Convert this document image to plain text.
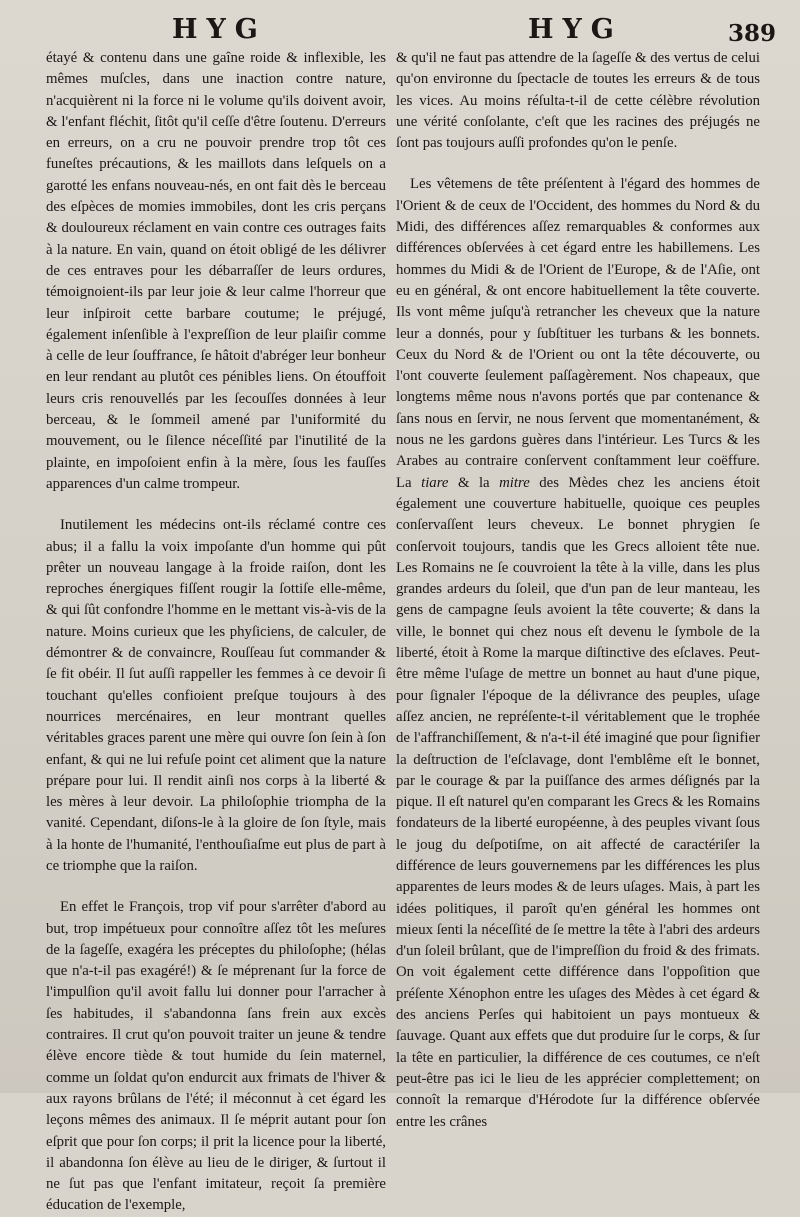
HYG	HYG	389

étayé & contenu dans une gaîne roide & inflexible, les mêmes muſcles, dans une inaction contre nature, n'acquièrent ni la force ni le volume qu'ils doivent avoir, & l'enfant fléchit, ſitôt qu'il ceſſe d'être ſoutenu. D'erreurs en erreurs, on a cru ne pouvoir prendre trop tôt ces funeſtes précautions, & les maillots dans leſquels on a garotté les enfans nouveau-nés, en ont fait dès le berceau des eſpèces de momies immobiles, dont les cris perçans & douloureux réclament en vain contre ces outrages faits à la nature. En vain, quand on étoit obligé de les délivrer de ces entraves pour les débarraſſer de leurs ordures, témoignoient-ils par leur joie & leur calme l'horreur que leur inſpiroit cette barbare coutume; le préjugé, également inſenſible à l'expreſſion de leur plaiſir comme à celle de leur ſouffrance, ſe hâtoit d'abréger leur bonheur en leur rendant au plutôt ces pénibles liens. On étouffoit leurs cris renouvellés par les ſecouſſes données à leur berceau, & le ſommeil amené par l'uniformité du mouvement, ou le ſilence néceſſité par l'inutilité de la plainte, en impoſoient enfin à la mère, ſous les fauſſes apparences d'un calme trompeur.

Inutilement les médecins ont-ils réclamé contre ces abus; il a fallu la voix impoſante d'un homme qui pût prêter un nouveau langage à la froide raiſon, dont les reproches énergiques fiſſent rougir la ſottiſe elle-même, & qui ſût confondre l'homme en le mettant vis-à-vis de la nature. Moins curieux que les phyſiciens, de calculer, de démontrer & de convaincre, Rouſſeau ſut commander & ſe fit obéir. Il ſut auſſi rappeller les femmes à ce devoir ſi touchant qu'elles confioient preſque toujours à des nourrices mercénaires, en leur montrant quelles véritables graces parent une mère qui ouvre ſon ſein à ſon enfant, & qui ne lui refuſe point cet aliment que la nature prépare pour lui. Il rendit ainſi nos corps à la liberté & les mères à leur devoir. La philoſophie triompha de la vanité. Cependant, diſons-le à la gloire de ſon ſtyle, mais à la honte de l'humanité, l'enthouſiaſme eut plus de part à ce triomphe que la raiſon.

En effet le François, trop vif pour s'arrêter d'abord au but, trop impétueux pour connoître aſſez tôt les meſures de la ſageſſe, exagéra les préceptes du philoſophe; (hélas que n'a-t-il pas exagéré!) & ſe méprenant ſur la force de l'impulſion qu'il avoit fallu lui donner pour l'arracher à ſes habitudes, il s'abandonna ſans frein aux excès contraires. Il crut qu'on pouvoit traiter un jeune & tendre élève encore tiède & tout humide du ſein maternel, comme un ſoldat qu'on endurcit aux frimats de l'hiver & aux rayons brûlans de l'été; il méconnut à cet égard les leçons mêmes des animaux. Il ſe méprit autant pour ſon eſprit que pour ſon corps; il prit la licence pour la liberté, il abandonna ſon élève au lieu de le diriger, & ſurtout il ne ſut pas que l'enfant imitateur, reçoit ſa première éducation de l'exemple,

& qu'il ne faut pas attendre de la ſageſſe & des vertus de celui qu'on environne du ſpectacle de toutes les erreurs & de tous les vices. Au moins réſulta-t-il de cette célèbre révolution une vérité conſolante, c'eſt que les racines des préjugés ne ſont pas toujours auſſi profondes qu'on le penſe.

Les vêtemens de tête préſentent à l'égard des hommes de l'Orient & de ceux de l'Occident, des hommes du Nord & du Midi, des différences aſſez remarquables & conformes aux différences obſervées à cet égard entre les habillemens. Les hommes du Midi & de l'Orient de l'Europe, & de l'Aſie, ont eu en général, & ont encore habituellement la tête couverte. Ils vont même juſqu'à retrancher les cheveux que la nature leur a donnés, pour y ſubſtituer les turbans & les bonnets. Ceux du Nord & de l'Orient ou ont la tête découverte, ou l'ont couverte ſeulement paſſagèrement. Nos chapeaux, que longtems même nous n'avons portés que par contenance & ſans nous en ſervir, ne nous ſervent que momentanément, & nous ne les gardons guères dans l'intérieur. Les Turcs & les Arabes au contraire conſervent conſtamment leur coëffure. La tiare & la mitre des Mèdes chez les anciens étoit également une couverture habituelle, quoique ces peuples conſervaſſent leurs cheveux. Le bonnet phrygien ſe conſervoit toujours, tandis que les Grecs alloient tête nue. Les Romains ne ſe couvroient la tête à la ville, dans les plus grandes ardeurs du ſoleil, que d'un pan de leur manteau, les gens de campagne ſeuls avoient la tête couverte; & dans la ville, le bonnet qui chez nous eſt devenu le ſymbole de la liberté, étoit à Rome la marque diſtinctive des eſclaves. Peut-être même l'uſage de mettre un bonnet au haut d'une pique, pour ſignaler l'époque de la délivrance des peuples, uſage aſſez ancien, ne repréſente-t-il véritablement que le trophée de l'affranchiſſement, & n'a-t-il été imaginé que pour ſignifier la deſtruction de l'eſclavage, dont l'emblême eſt le bonnet, par le courage & par la puiſſance des armes déſignés par la pique. Il eſt naturel qu'en comparant les Grecs & les Romains fondateurs de la liberté européenne, à des peuples vivant ſous le joug du deſpotiſme, on ait affecté de caractériſer la différence de leurs gouvernemens par les différences les plus apparentes de leurs modes & de leurs uſages. Mais, à part les idées politiques, il paroît qu'en général les hommes ont mieux ſenti la néceſſité de ſe mettre la tête à l'abri des ardeurs d'un ſoleil brûlant, que de l'impreſſion du froid & des frimats. On voit également cette différence dans l'oppoſition que préſente Xénophon entre les uſages des Mèdes à cet égard & des anciens Perſes qui habitoient un pays montueux & ſauvage. Quant aux effets que dut produire ſur le corps, & ſur la tête en particulier, la différence de ces coutumes, ce n'eſt peut-être pas ici le lieu de les apprécier complettement; on connoît la remarque d'Hérodote ſur la différence obſervée entre les crânes
